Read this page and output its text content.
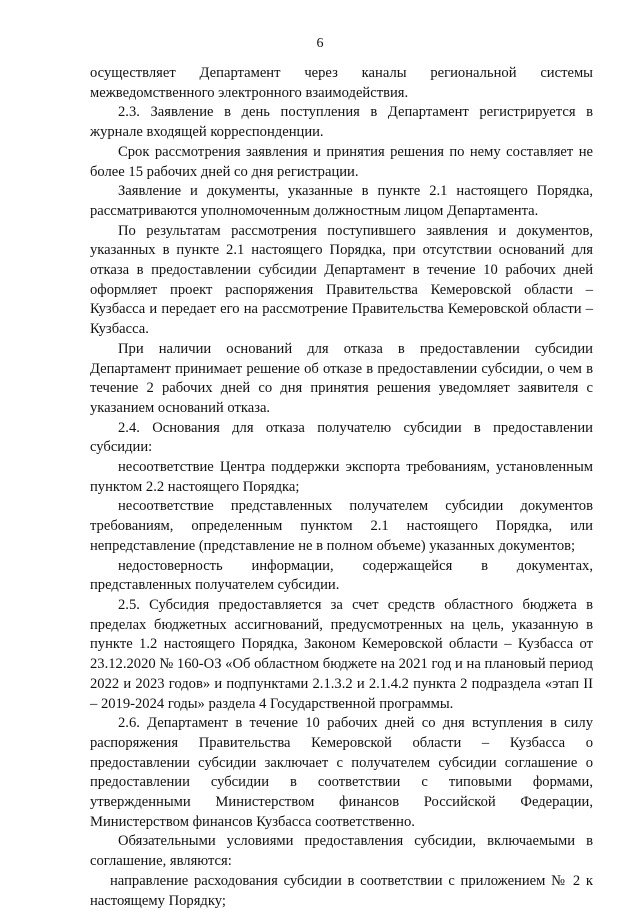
6

осуществляет Департамент через каналы региональной системы межведомственного электронного взаимодействия.

2.3. Заявление в день поступления в Департамент регистрируется в журнале входящей корреспонденции.

Срок рассмотрения заявления и принятия решения по нему составляет не более 15 рабочих дней со дня регистрации.

Заявление и документы, указанные в пункте 2.1 настоящего Порядка, рассматриваются уполномоченным должностным лицом Департамента.

По результатам рассмотрения поступившего заявления и документов, указанных в пункте 2.1 настоящего Порядка, при отсутствии оснований для отказа в предоставлении субсидии Департамент в течение 10 рабочих дней оформляет проект распоряжения Правительства Кемеровской области – Кузбасса и передает его на рассмотрение Правительства Кемеровской области – Кузбасса.

При наличии оснований для отказа в предоставлении субсидии Департамент принимает решение об отказе в предоставлении субсидии, о чем в течение 2 рабочих дней со дня принятия решения уведомляет заявителя с указанием оснований отказа.

2.4. Основания для отказа получателю субсидии в предоставлении субсидии:

несоответствие Центра поддержки экспорта требованиям, установленным пунктом 2.2 настоящего Порядка;

несоответствие представленных получателем субсидии документов требованиям, определенным пунктом 2.1 настоящего Порядка, или непредставление (представление не в полном объеме) указанных документов;

недостоверность информации, содержащейся в документах, представленных получателем субсидии.

2.5. Субсидия предоставляется за счет средств областного бюджета в пределах бюджетных ассигнований, предусмотренных на цель, указанную в пункте 1.2 настоящего Порядка, Законом Кемеровской области – Кузбасса от 23.12.2020 № 160-ОЗ «Об областном бюджете на 2021 год и на плановый период 2022 и 2023 годов» и подпунктами 2.1.3.2 и 2.1.4.2 пункта 2 подраздела «этап II – 2019-2024 годы» раздела 4 Государственной программы.

2.6. Департамент в течение 10 рабочих дней со дня вступления в силу распоряжения Правительства Кемеровской области – Кузбасса о предоставлении субсидии заключает с получателем субсидии соглашение о предоставлении субсидии в соответствии с типовыми формами, утвержденными Министерством финансов Российской Федерации, Министерством финансов Кузбасса соответственно.

Обязательными условиями предоставления субсидии, включаемыми в соглашение, являются:

направление расходования субсидии в соответствии с приложением № 2 к настоящему Порядку;
